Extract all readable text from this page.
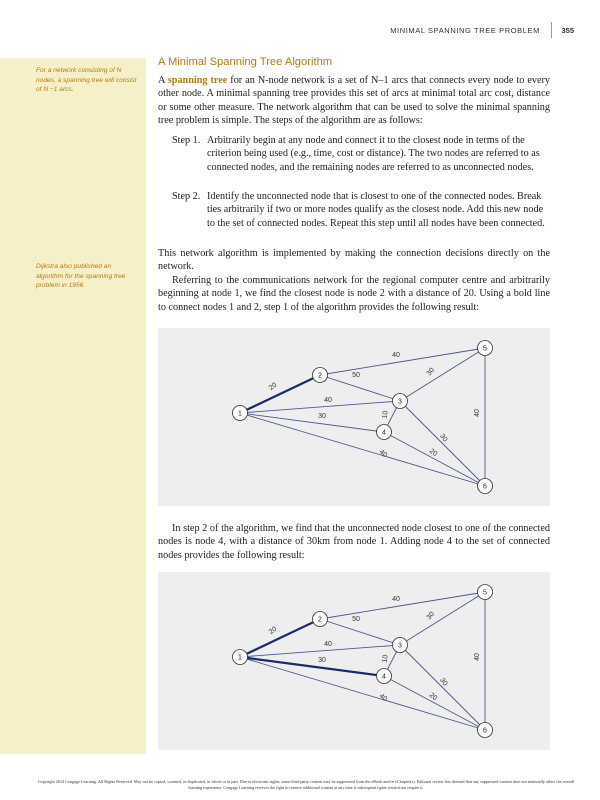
MINIMAL SPANNING TREE PROBLEM	355
For a network consisting of N nodes, a spanning tree will consist of N −1 arcs.
Dijkstra also published an algorithm for the spanning tree problem in 1956.
A Minimal Spanning Tree Algorithm
A spanning tree for an N-node network is a set of N–1 arcs that connects every node to every other node. A minimal spanning tree provides this set of arcs at minimal total arc cost, distance or some other measure. The network algorithm that can be used to solve the minimal spanning tree problem is simple. The steps of the algorithm are as follows:
Step 1. Arbitrarily begin at any node and connect it to the closest node in terms of the criterion being used (e.g., time, cost or distance). The two nodes are referred to as connected nodes, and the remaining nodes are referred to as unconnected nodes.
Step 2. Identify the unconnected node that is closest to one of the connected nodes. Break ties arbitrarily if two or more nodes qualify as the closest node. Add this new node to the set of connected nodes. Repeat this step until all nodes have been connected.
This network algorithm is implemented by making the connection decisions directly on the network.
Referring to the communications network for the regional computer centre and arbitrarily beginning at node 1, we find the closest node is node 2 with a distance of 20. Using a bold line to connect nodes 1 and 2, step 1 of the algorithm provides the following result:
20
40
30
40
40
50	30
10
30
20
40
1
2
3
4
5
6
In step 2 of the algorithm, we find that the unconnected node closest to one of the connected nodes is node 4, with a distance of 30km from node 1. Adding node 4 to the set of connected nodes provides the following result:
20
40
30
40
40
50	30
10
30
20
40
1
2
3
4
5
6
Copyright 2014 Cengage Learning. All Rights Reserved. May not be copied, scanned, or duplicated, in whole or in part. Due to electronic rights, some third party content may be suppressed from the eBook and/or eChapter(s). Editorial review has deemed that any suppressed content does not materially affect the overall learning experience. Cengage Learning reserves the right to remove additional content at any time if subsequent rights restrictions require it.
